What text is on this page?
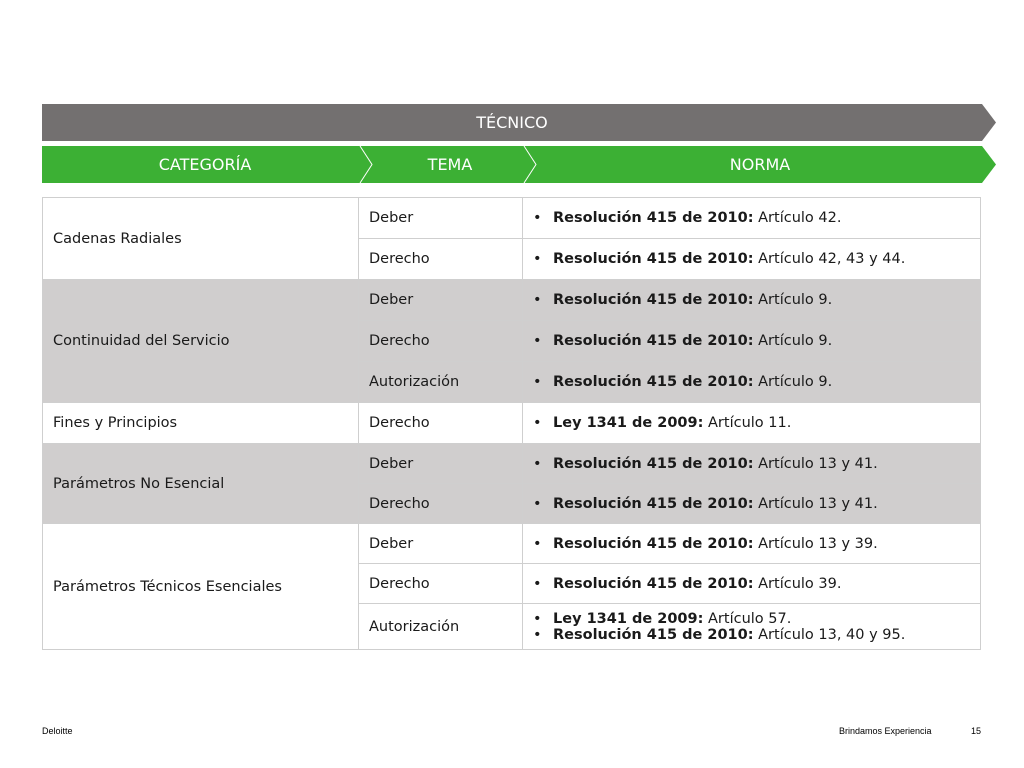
TÉCNICO
CATEGORÍA	TEMA	NORMA
Cadenas Radiales	Deber	• Resolución 415 de 2010: Artículo 42.

	Derecho	• Resolución 415 de 2010: Artículo 42, 43 y 44.

Continuidad del Servicio	Deber	• Resolución 415 de 2010: Artículo 9.

	Derecho	• Resolución 415 de 2010: Artículo 9.

	Autorización	• Resolución 415 de 2010: Artículo 9.

Fines y Principios	Derecho	• Ley 1341 de 2009: Artículo 11.

Parámetros No Esencial	Deber	• Resolución 415 de 2010: Artículo 13 y 41.

	Derecho	• Resolución 415 de 2010: Artículo 13 y 41.

Parámetros Técnicos Esenciales	Deber	• Resolución 415 de 2010: Artículo 13 y 39.

	Derecho	• Resolución 415 de 2010: Artículo 39.

	Autorización	• Ley 1341 de 2009: Artículo 57.
• Resolución 415 de 2010: Artículo 13, 40 y 95.
Deloitte	Brindamos Experiencia	15
